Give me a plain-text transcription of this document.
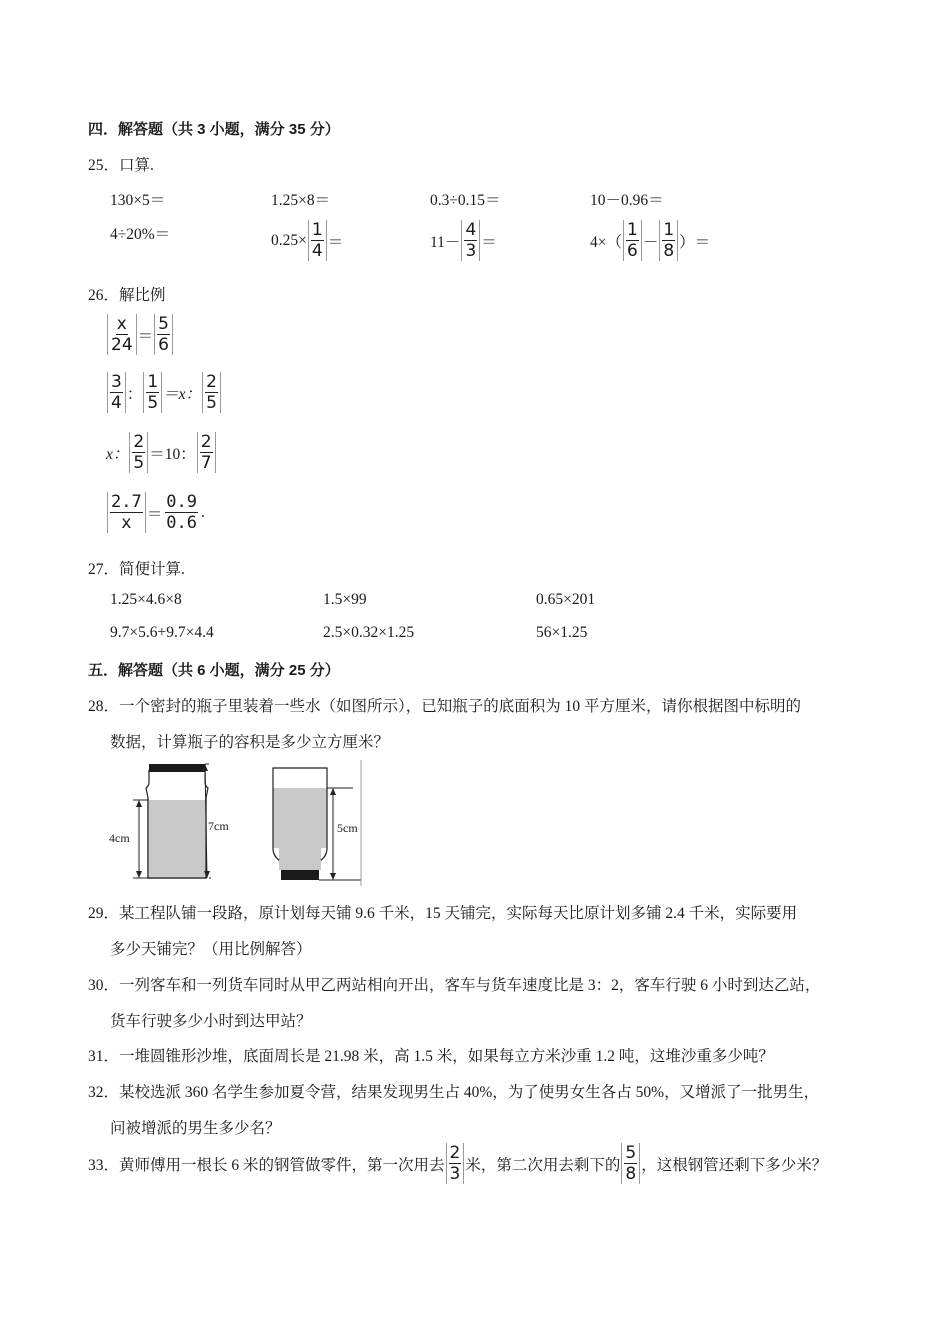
四．解答题（共 3 小题，满分 35 分）
25．口算.
130×5＝	1.25×8＝	0.3÷0.15＝	10－0.96＝
4÷20%＝	$0.25\times \frac{1}{4}$ ＝	$11- \frac{4}{3}$ ＝	$4\times( \frac{1}{6} - \frac{1}{8}$ ）＝
26．解比例
$\frac{x}{24} = \frac{5}{6}$
$\frac{3}{4}$ ： $\frac{1}{5} =x$： $\frac{2}{5}$
x： $\frac{2}{5} =10$： $\frac{2}{7}$
$\frac{2.7}{x} = \frac{0.9}{0.6}$ .
27．简便计算.
1.25×4.6×8	1.5×99	0.65×201
9.7×5.6+9.7×4.4	2.5×0.32×1.25	56×1.25
五．解答题（共 6 小题，满分 25 分）
28．一个密封的瓶子里装着一些水（如图所示），已知瓶子的底面积为 10 平方厘米，请你根据图中标明的
数据，计算瓶子的容积是多少立方厘米？
4cm
7cm	5cm
29．某工程队铺一段路，原计划每天铺 9.6 千米，15 天铺完，实际每天比原计划多铺 2.4 千米，实际要用
多少天铺完？（用比例解答）
30．一列客车和一列货车同时从甲乙两站相向开出，客车与货车速度比是 3：2，客车行驶 6 小时到达乙站，
货车行驶多少小时到达甲站？
31．一堆圆锥形沙堆，底面周长是 21.98 米，高 1.5 米，如果每立方米沙重 1.2 吨，这堆沙重多少吨？
32．某校选派 360 名学生参加夏令营，结果发现男生占 40%，为了使男女生各占 50%，又增派了一批男生，
问被增派的男生多少名？
33．黄师傅用一根长 6 米的钢管做零件，第一次用去 $\frac{2}{3}$ 米，第二次用去剩下的 $\frac{5}{8}$ ，这根钢管还剩下多少米？
